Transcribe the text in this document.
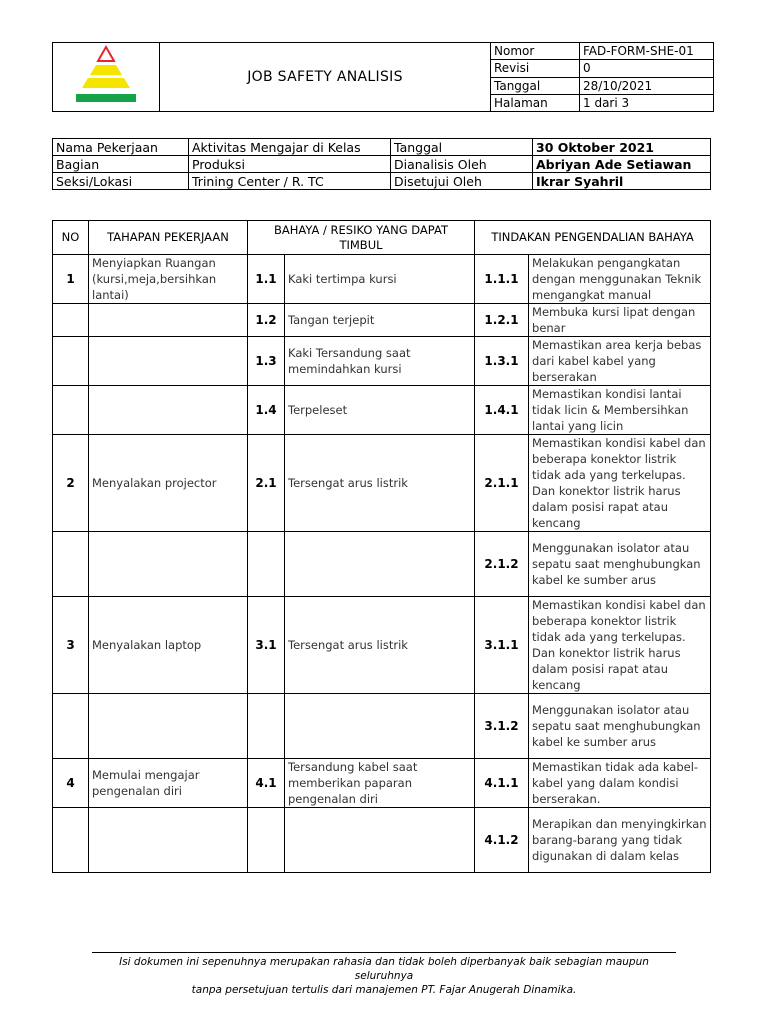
	JOB SAFETY ANALISIS	Nomor	FAD-FORM-SHE-01
		Revisi	0
		Tanggal	28/10/2021
		Halaman	1 dari 3
Nama Pekerjaan	Aktivitas Mengajar di Kelas	Tanggal	30 Oktober 2021
Bagian	Produksi	Dianalisis Oleh	Abriyan Ade Setiawan
Seksi/Lokasi	Trining Center / R. TC	Disetujui Oleh	Ikrar Syahril
NO	TAHAPAN PEKERJAAN	BAHAYA / RESIKO YANG DAPAT TIMBUL		TINDAKAN PENGENDALIAN BAHAYA	
1	Menyiapkan Ruangan (kursi,meja,bersihkan lantai)	1.1	Kaki tertimpa kursi	1.1.1	Melakukan pengangkatan dengan menggunakan Teknik mengangkat manual
		1.2	Tangan terjepit	1.2.1	Membuka kursi lipat dengan benar
		1.3	Kaki Tersandung saat memindahkan kursi	1.3.1	Memastikan area kerja bebas dari kabel kabel yang berserakan
		1.4	Terpeleset	1.4.1	Memastikan kondisi lantai tidak licin & Membersihkan lantai yang licin
2	Menyalakan projector	2.1	Tersengat arus listrik	2.1.1	Memastikan kondisi kabel dan beberapa konektor listrik tidak ada yang terkelupas. Dan konektor listrik harus dalam posisi rapat atau kencang
				2.1.2	Menggunakan isolator atau sepatu saat menghubungkan kabel ke sumber arus
3	Menyalakan laptop	3.1	Tersengat arus listrik	3.1.1	Memastikan kondisi kabel dan beberapa konektor listrik tidak ada yang terkelupas. Dan konektor listrik harus dalam posisi rapat atau kencang
				3.1.2	Menggunakan isolator atau sepatu saat menghubungkan kabel ke sumber arus
4	Memulai mengajar pengenalan diri	4.1	Tersandung kabel saat memberikan paparan pengenalan diri	4.1.1	Memastikan tidak ada kabel-kabel yang dalam kondisi berserakan.
				4.1.2	Merapikan dan menyingkirkan barang-barang yang tidak digunakan di dalam kelas
Isi dokumen ini sepenuhnya merupakan rahasia dan tidak boleh diperbanyak baik sebagian maupun seluruhnya
tanpa persetujuan tertulis dari manajemen PT. Fajar Anugerah Dinamika.
